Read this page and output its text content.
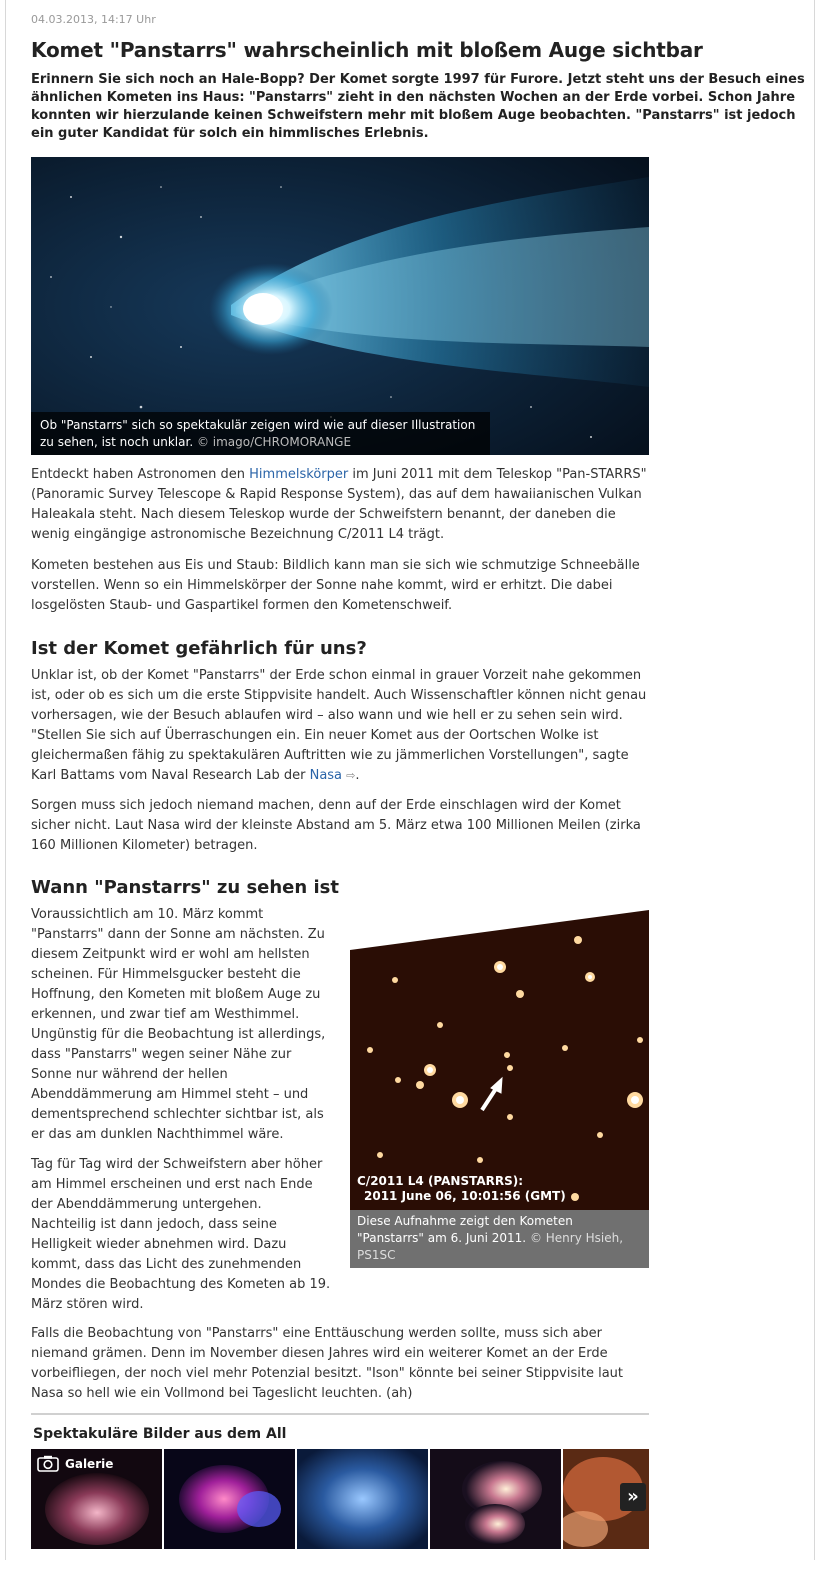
04.03.2013, 14:17 Uhr
Komet "Panstarrs" wahrscheinlich mit bloßem Auge sichtbar

Erinnern Sie sich noch an Hale-Bopp? Der Komet sorgte 1997 für Furore. Jetzt steht uns der Besuch eines ähnlichen Kometen ins Haus: "Panstarrs" zieht in den nächsten Wochen an der Erde vorbei. Schon Jahre konnten wir hierzulande keinen Schweifstern mehr mit bloßem Auge beobachten. "Panstarrs" ist jedoch ein guter Kandidat für solch ein himmlisches Erlebnis.

Ob "Panstarrs" sich so spektakulär zeigen wird wie auf dieser Illustration zu sehen, ist noch unklar. © imago/CHROMORANGE

Entdeckt haben Astronomen den Himmelskörper im Juni 2011 mit dem Teleskop "Pan-STARRS" (Panoramic Survey Telescope & Rapid Response System), das auf dem hawaiianischen Vulkan Haleakala steht. Nach diesem Teleskop wurde der Schweifstern benannt, der daneben die wenig eingängige astronomische Bezeichnung C/2011 L4 trägt.

Kometen bestehen aus Eis und Staub: Bildlich kann man sie sich wie schmutzige Schneebälle vorstellen. Wenn so ein Himmelskörper der Sonne nahe kommt, wird er erhitzt. Die dabei losgelösten Staub- und Gaspartikel formen den Kometenschweif.

Ist der Komet gefährlich für uns?

Unklar ist, ob der Komet "Panstarrs" der Erde schon einmal in grauer Vorzeit nahe gekommen ist, oder ob es sich um die erste Stippvisite handelt. Auch Wissenschaftler können nicht genau vorhersagen, wie der Besuch ablaufen wird – also wann und wie hell er zu sehen sein wird. "Stellen Sie sich auf Überraschungen ein. Ein neuer Komet aus der Oortschen Wolke ist gleichermaßen fähig zu spektakulären Auftritten wie zu jämmerlichen Vorstellungen", sagte Karl Battams vom Naval Research Lab der Nasa ⇨.

Sorgen muss sich jedoch niemand machen, denn auf der Erde einschlagen wird der Komet sicher nicht. Laut Nasa wird der kleinste Abstand am 5. März etwa 100 Millionen Meilen (zirka 160 Millionen Kilometer) betragen.

Wann "Panstarrs" zu sehen ist

Voraussichtlich am 10. März kommt "Panstarrs" dann der Sonne am nächsten. Zu diesem Zeitpunkt wird er wohl am hellsten scheinen. Für Himmelsgucker besteht die Hoffnung, den Kometen mit bloßem Auge zu erkennen, und zwar tief am Westhimmel. Ungünstig für die Beobachtung ist allerdings, dass "Panstarrs" wegen seiner Nähe zur Sonne nur während der hellen Abenddämmerung am Himmel steht – und dementsprechend schlechter sichtbar ist, als er das am dunklen Nachthimmel wäre.

Tag für Tag wird der Schweifstern aber höher am Himmel erscheinen und erst nach Ende der Abenddämmerung untergehen. Nachteilig ist dann jedoch, dass seine Helligkeit wieder abnehmen wird. Dazu kommt, dass das Licht des zunehmenden Mondes die Beobachtung des Kometen ab 19. März stören wird.

C/2011 L4 (PANSTARRS):
2011 June 06, 10:01:56 (GMT)
Diese Aufnahme zeigt den Kometen "Panstarrs" am 6. Juni 2011. © Henry Hsieh, PS1SC

Falls die Beobachtung von "Panstarrs" eine Enttäuschung werden sollte, muss sich aber niemand grämen. Denn im November diesen Jahres wird ein weiterer Komet an der Erde vorbeifliegen, der noch viel mehr Potenzial besitzt. "Ison" könnte bei seiner Stippvisite laut Nasa so hell wie ein Vollmond bei Tageslicht leuchten. (ah)

Spektakuläre Bilder aus dem All
Galerie
»
